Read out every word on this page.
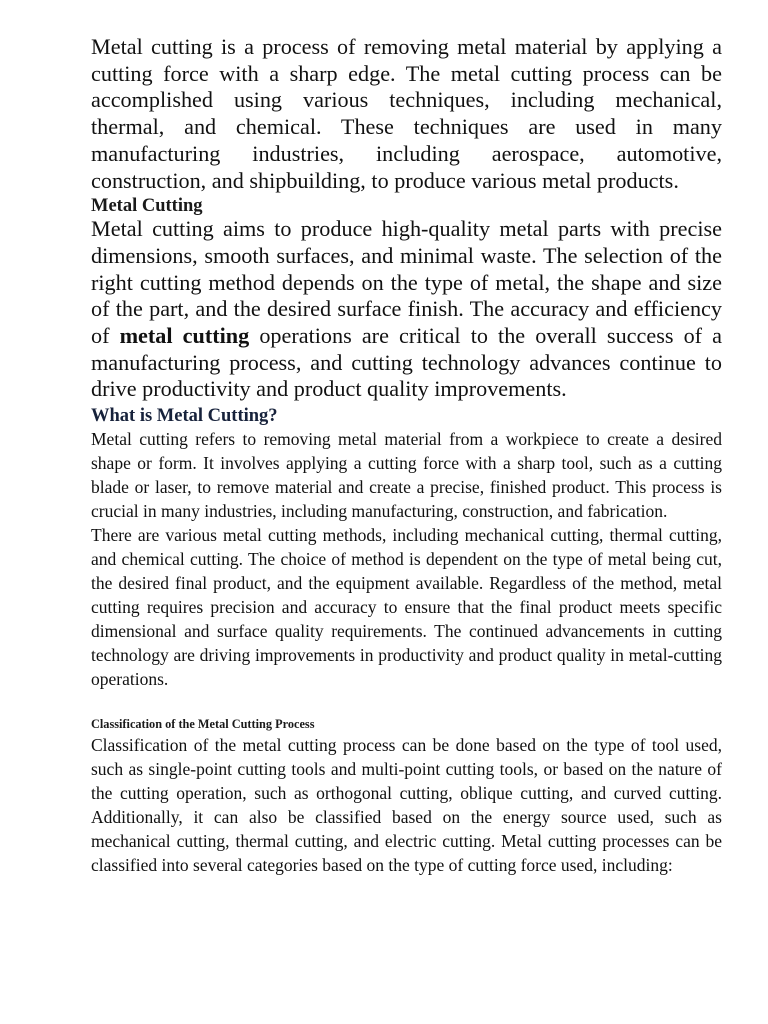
Metal cutting is a process of removing metal material by applying a cutting force with a sharp edge. The metal cutting process can be accomplished using various techniques, including mechanical, thermal, and chemical. These techniques are used in many manufacturing industries, including aerospace, automotive, construction, and shipbuilding, to produce various metal products.

Metal Cutting

Metal cutting aims to produce high-quality metal parts with precise dimensions, smooth surfaces, and minimal waste. The selection of the right cutting method depends on the type of metal, the shape and size of the part, and the desired surface finish. The accuracy and efficiency of metal cutting operations are critical to the overall success of a manufacturing process, and cutting technology advances continue to drive productivity and product quality improvements.

What is Metal Cutting?

Metal cutting refers to removing metal material from a workpiece to create a desired shape or form. It involves applying a cutting force with a sharp tool, such as a cutting blade or laser, to remove material and create a precise, finished product. This process is crucial in many industries, including manufacturing, construction, and fabrication.

There are various metal cutting methods, including mechanical cutting, thermal cutting, and chemical cutting. The choice of method is dependent on the type of metal being cut, the desired final product, and the equipment available. Regardless of the method, metal cutting requires precision and accuracy to ensure that the final product meets specific dimensional and surface quality requirements. The continued advancements in cutting technology are driving improvements in productivity and product quality in metal-cutting operations.

Classification of the Metal Cutting Process

Classification of the metal cutting process can be done based on the type of tool used, such as single-point cutting tools and multi-point cutting tools, or based on the nature of the cutting operation, such as orthogonal cutting, oblique cutting, and curved cutting. Additionally, it can also be classified based on the energy source used, such as mechanical cutting, thermal cutting, and electric cutting. Metal cutting processes can be classified into several categories based on the type of cutting force used, including:
